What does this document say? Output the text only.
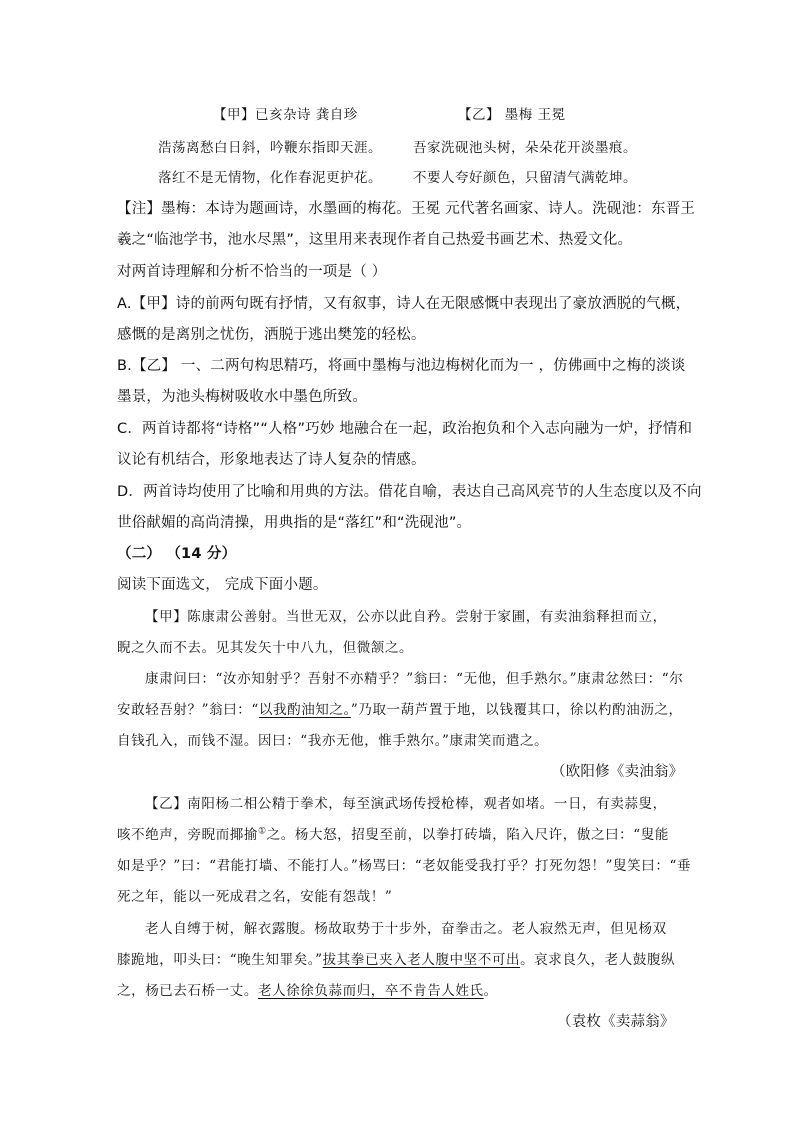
【甲】已亥杂诗 龚自珍	【乙】 墨梅 王冕
浩荡离愁白日斜，吟鞭东指即天涯。 吾家洗砚池头树，朵朵花开淡墨痕。
落红不是无情物，化作春泥更护花。 不要人夸好颜色，只留清气满乾坤。
【注】墨梅：本诗为题画诗，水墨画的梅花。王冕 元代著名画家、诗人。洗砚池：东晋王
羲之“临池学书，池水尽黑”，这里用来表现作者自己热爱书画艺术、热爱文化。
对两首诗理解和分析不恰当的一项是（ ）
A.【甲】诗的前两句既有抒情，又有叙事，诗人在无限感慨中表现出了豪放洒脱的气概，
感慨的是离别之忧伤，洒脱于逃出樊笼的轻松。
B.【乙】 一、二两句构思精巧，将画中墨梅与池边梅树化而为一 ，仿佛画中之梅的淡谈
墨景，为池头梅树吸收水中墨色所致。
C．两首诗都将“诗格”“人格”巧妙 地融合在一起，政治抱负和个入志向融为一炉，抒情和
议论有机结合，形象地表达了诗人复杂的情感。
D．两首诗均使用了比喻和用典的方法。借花自喻，表达自己高风亮节的人生态度以及不向
世俗献媚的高尚清操，用典指的是“落红”和“洗砚池”。
（二） （14 分）
阅读下面选文， 完成下面小题。
【甲】陈康肃公善射。当世无双，公亦以此自矜。尝射于家圃，有卖油翁释担而立，
睨之久而不去。见其发矢十中八九，但微颔之。
康肃问曰：“汝亦知射乎？吾射不亦精乎？”翁曰：“无他，但手熟尔。”康肃忿然曰：“尔
安敢轻吾射？”翁曰：“以我酌油知之。”乃取一葫芦置于地，以钱覆其口，徐以杓酌油沥之，
自钱孔入，而钱不湿。因曰：“我亦无他，惟手熟尔。”康肃笑而遣之。
（欧阳修《卖油翁》
【乙】南阳杨二相公精于拳术，每至演武场传授枪棒，观者如堵。一日，有卖蒜叟，
咳不绝声，旁睨而揶揄①之。杨大怒，招叟至前，以拳打砖墙，陷入尺许，傲之曰：“叟能
如是乎？”曰：“君能打墙、不能打人。”杨骂曰：“老奴能受我打乎？打死勿怨！”叟笑曰：“垂
死之年，能以一死成君之名，安能有怨哉！”
老人自缚于树，解衣露腹。杨故取势于十步外，奋拳击之。老人寂然无声，但见杨双
膝跪地，叩头曰：“晚生知罪矣。”拔其拳已夹入老人腹中坚不可出。哀求良久，老人鼓腹纵
之，杨已去石桥一丈。老人徐徐负蒜而归，卒不肯告人姓氏。
（袁枚《卖蒜翁》
